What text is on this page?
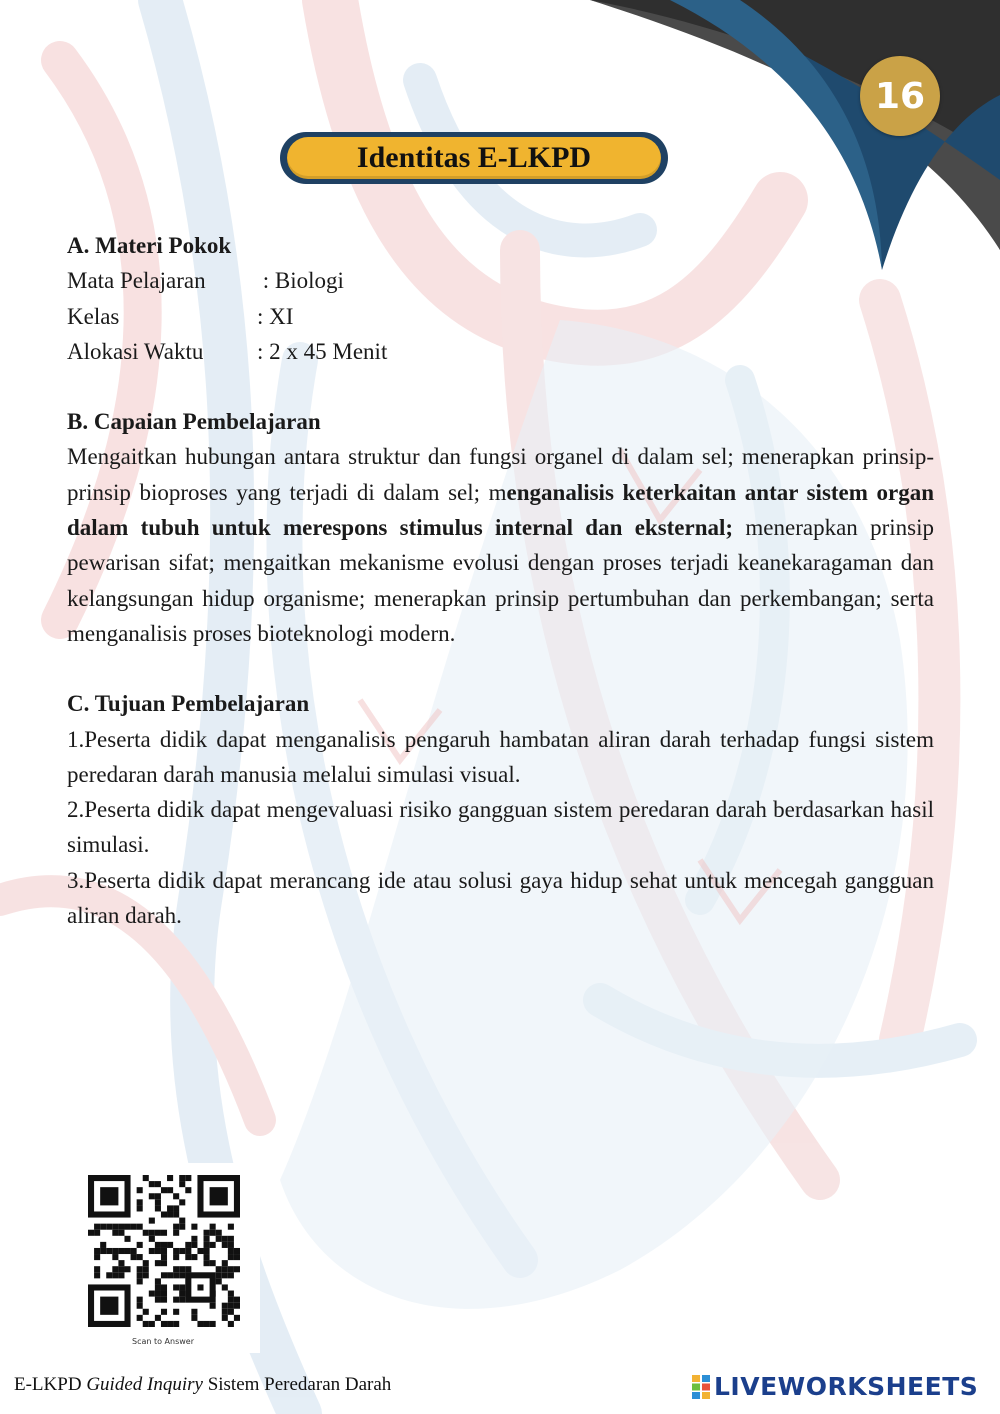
16
Identitas E-LKPD
A. Materi Pokok
Mata Pelajaran	: Biologi
Kelas	: XI
Alokasi Waktu	: 2 x 45 Menit
B. Capaian Pembelajaran
Mengaitkan hubungan antara struktur dan fungsi organel di dalam sel; menerapkan prinsip-prinsip bioproses yang terjadi di dalam sel; menganalisis keterkaitan antar sistem organ dalam tubuh untuk merespons stimulus internal dan eksternal; menerapkan prinsip pewarisan sifat; mengaitkan mekanisme evolusi dengan proses terjadi keanekaragaman dan kelangsungan hidup organisme; menerapkan prinsip pertumbuhan dan perkembangan; serta menganalisis proses bioteknologi modern.
C. Tujuan Pembelajaran
1.Peserta didik dapat menganalisis pengaruh hambatan aliran darah terhadap fungsi sistem peredaran darah manusia melalui simulasi visual.
2.Peserta didik dapat mengevaluasi risiko gangguan sistem peredaran darah berdasarkan hasil simulasi.
3.Peserta didik dapat merancang ide atau solusi gaya hidup sehat untuk mencegah gangguan aliran darah.
Scan to Answer
E-LKPD Guided Inquiry Sistem Peredaran Darah	LIVEWORKSHEETS
